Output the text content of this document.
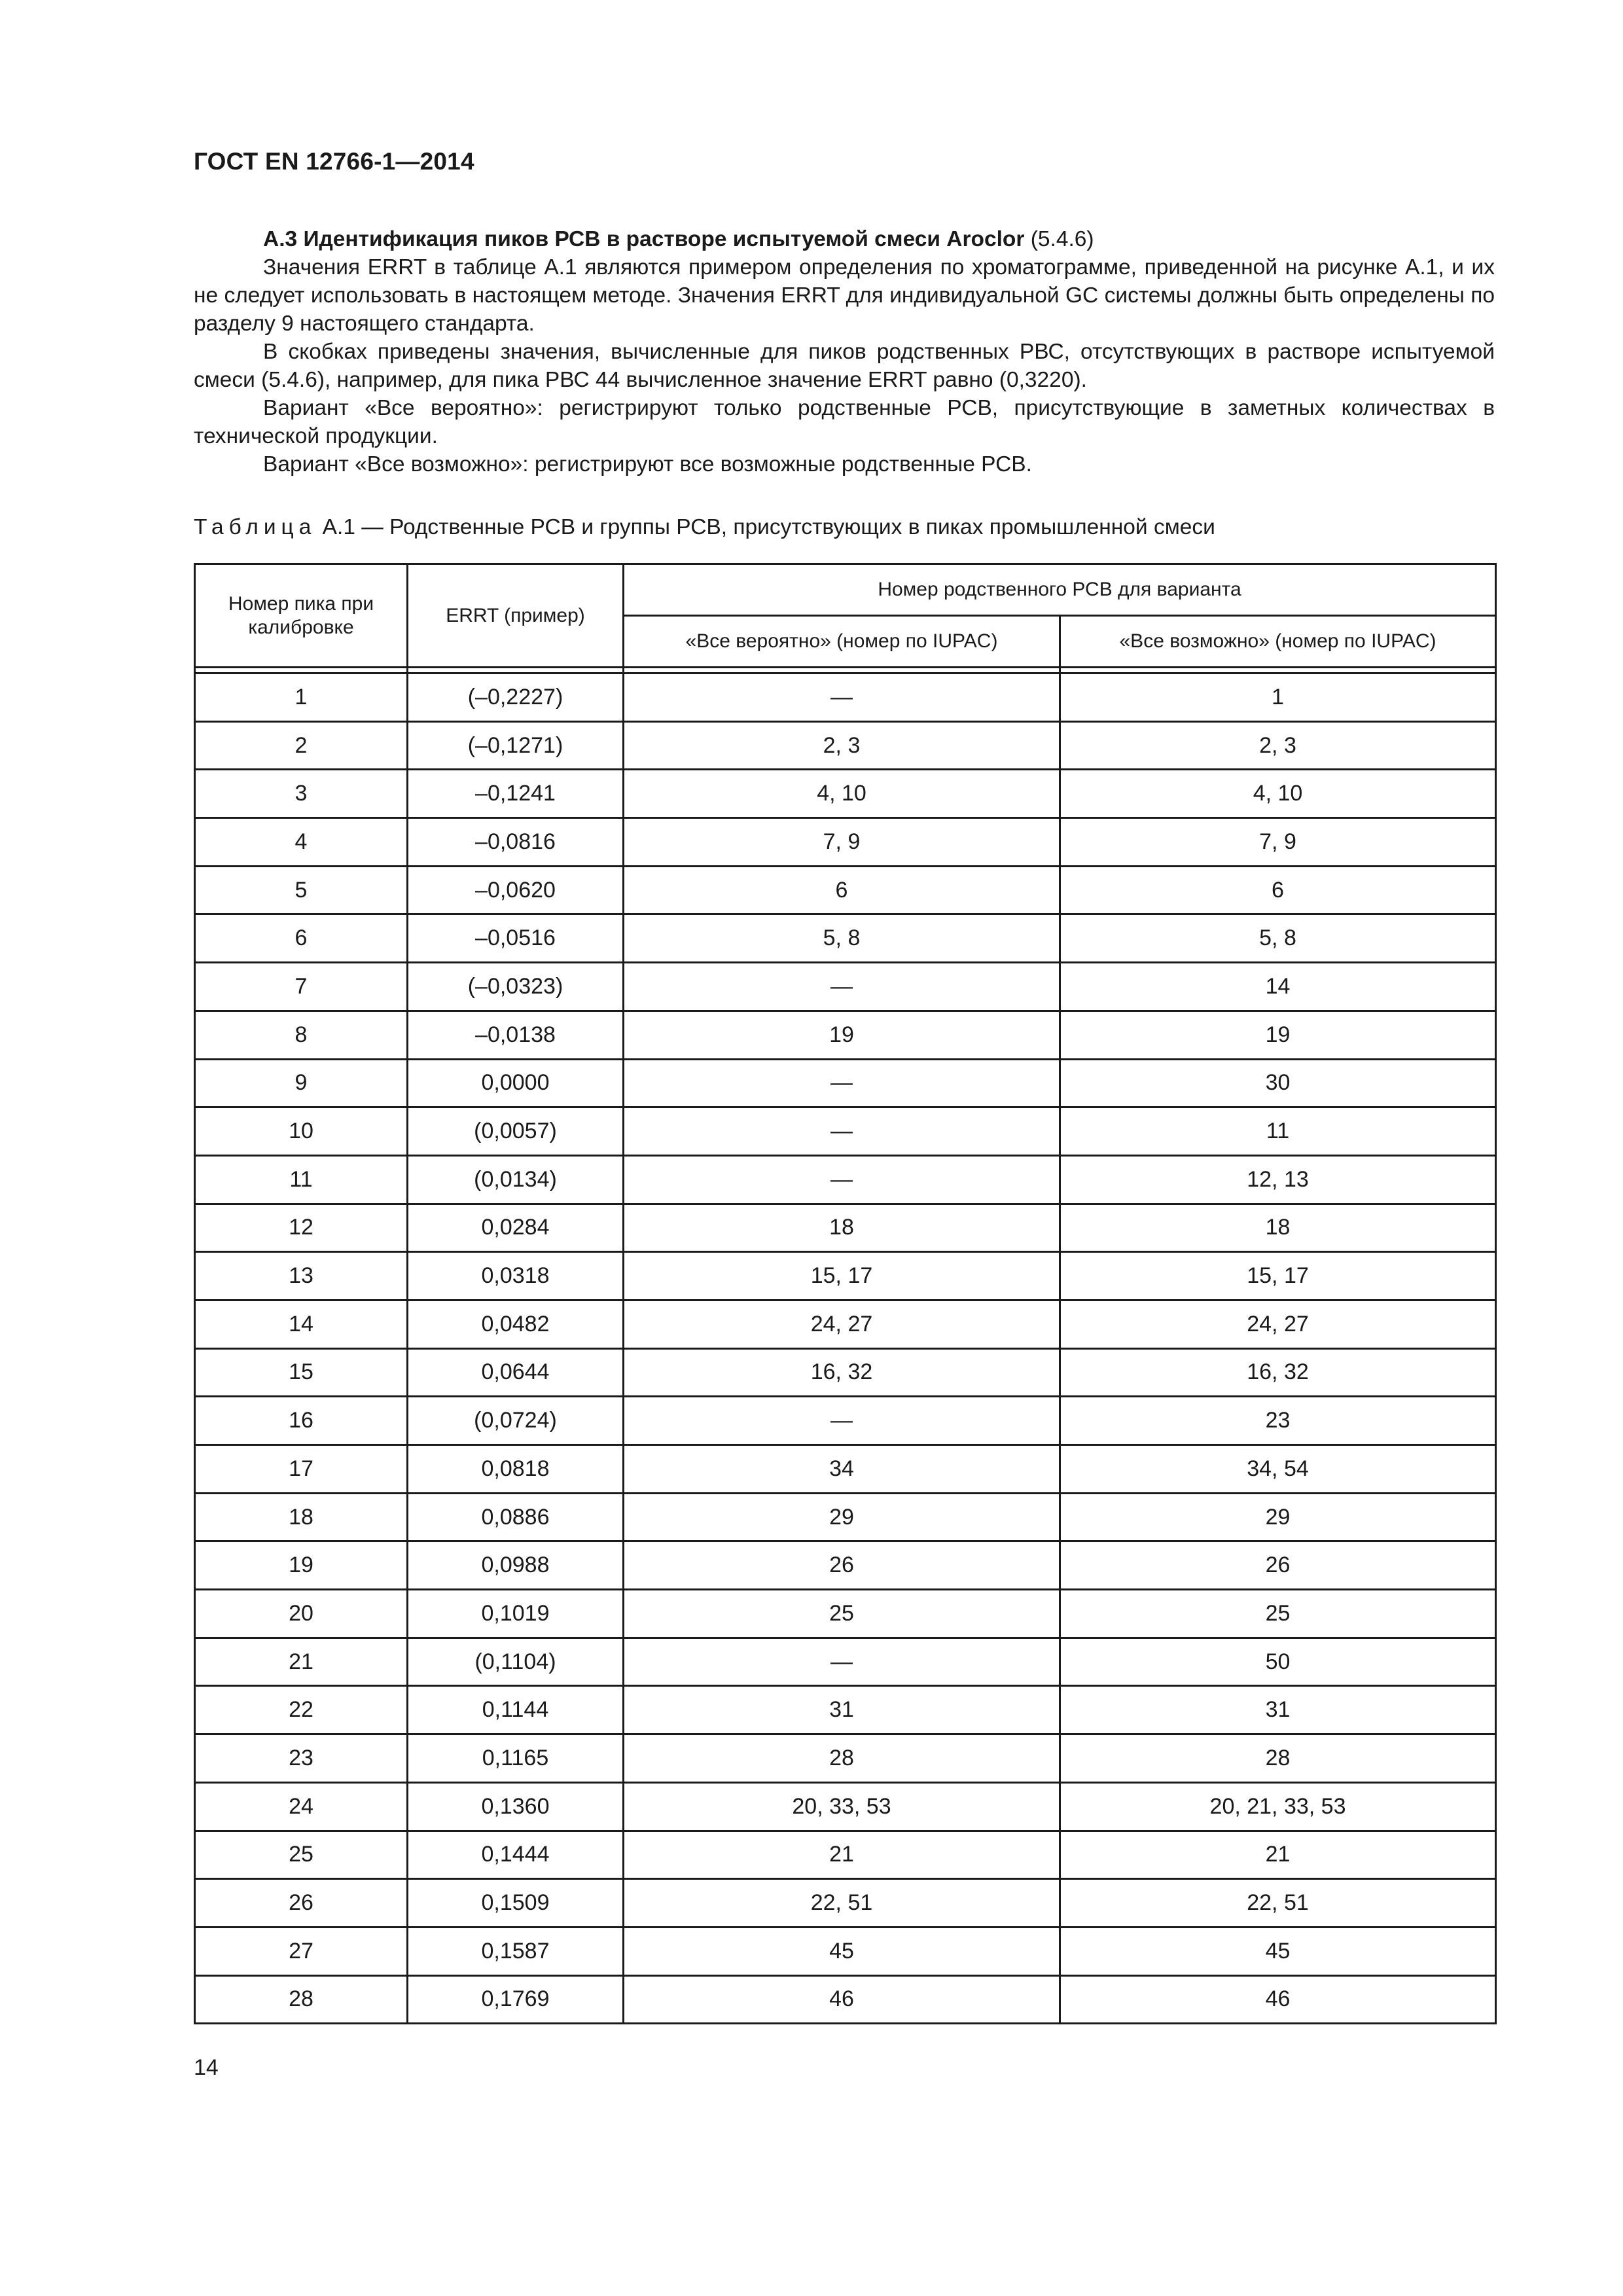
ГОСТ EN 12766-1—2014

А.3 Идентификация пиков РСВ в растворе испытуемой смеси Aroclor (5.4.6)

Значения ERRT в таблице А.1 являются примером определения по хроматограмме, приведенной на рисунке А.1, и их не следует использовать в настоящем методе. Значения ERRT для индивидуальной GC системы должны быть определены по разделу 9 настоящего стандарта.

В скобках приведены значения, вычисленные для пиков родственных РВС, отсутствующих в растворе испытуемой смеси (5.4.6), например, для пика РВС 44 вычисленное значение ERRT равно (0,3220).

Вариант «Все вероятно»: регистрируют только родственные РСВ, присутствующие в заметных количествах в технической продукции.

Вариант «Все возможно»: регистрируют все возможные родственные РСВ.

Таблица А.1 — Родственные РСВ и группы РСВ, присутствующих в пиках промышленной смеси
Номер пика при калибровке	ERRT (пример)	Номер родственного РСВ для варианта	
		«Все вероятно» (номер по IUPAC)	«Все возможно» (номер по IUPAC)

1	(–0,2227)	—	1
2	(–0,1271)	2, 3	2, 3
3	–0,1241	4, 10	4, 10
4	–0,0816	7, 9	7, 9
5	–0,0620	6	6
6	–0,0516	5, 8	5, 8
7	(–0,0323)	—	14
8	–0,0138	19	19
9	0,0000	—	30
10	(0,0057)	—	11
11	(0,0134)	—	12, 13
12	0,0284	18	18
13	0,0318	15, 17	15, 17
14	0,0482	24, 27	24, 27
15	0,0644	16, 32	16, 32
16	(0,0724)	—	23
17	0,0818	34	34, 54
18	0,0886	29	29
19	0,0988	26	26
20	0,1019	25	25
21	(0,1104)	—	50
22	0,1144	31	31
23	0,1165	28	28
24	0,1360	20, 33, 53	20, 21, 33, 53
25	0,1444	21	21
26	0,1509	22, 51	22, 51
27	0,1587	45	45
28	0,1769	46	46
14
